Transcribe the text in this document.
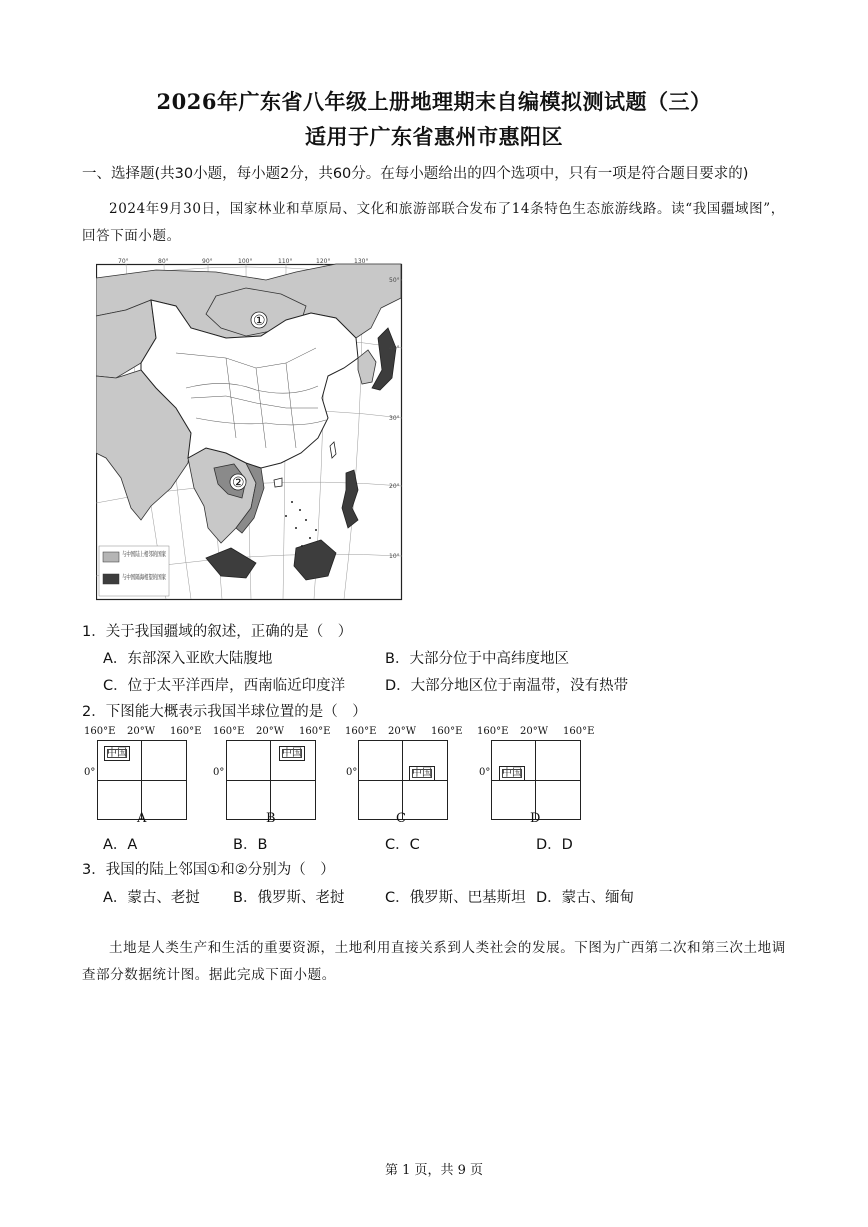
2026年广东省八年级上册地理期末自编模拟测试题（三）
适用于广东省惠州市惠阳区
一、选择题(共30小题，每小题2分，共60分。在每小题给出的四个选项中，只有一项是符合题目要求的)
2024年9月30日，国家林业和草原局、文化和旅游部联合发布了14条特色生态旅游线路。读“我国疆域图”，回答下面小题。
70°	80°	90°	100°	110°	120°	130°
50°
40°
30°
20°
10°
①
②
与中国陆上相邻的国家
与中国隔海相望的国家
1．关于我国疆域的叙述，正确的是（　）
A．东部深入亚欧大陆腹地	B．大部分位于中高纬度地区
C．位于太平洋西岸，西南临近印度洋	D．大部分地区位于南温带，没有热带
2．下图能大概表示我国半球位置的是（　）
160°E 20°W 160°E
0°
中国
A
160°E 20°W 160°E
0°
中国
B
160°E 20°W 160°E
0°	中国
C
160°E 20°W 160°E
0°	中国
D
A．A	B．B	C．C	D．D
3．我国的陆上邻国①和②分别为（　）
A．蒙古、老挝 B．俄罗斯、老挝	C．俄罗斯、巴基斯坦 D．蒙古、缅甸
土地是人类生产和生活的重要资源，土地利用直接关系到人类社会的发展。下图为广西第二次和第三次土地调查部分数据统计图。据此完成下面小题。
第 1 页，共 9 页
